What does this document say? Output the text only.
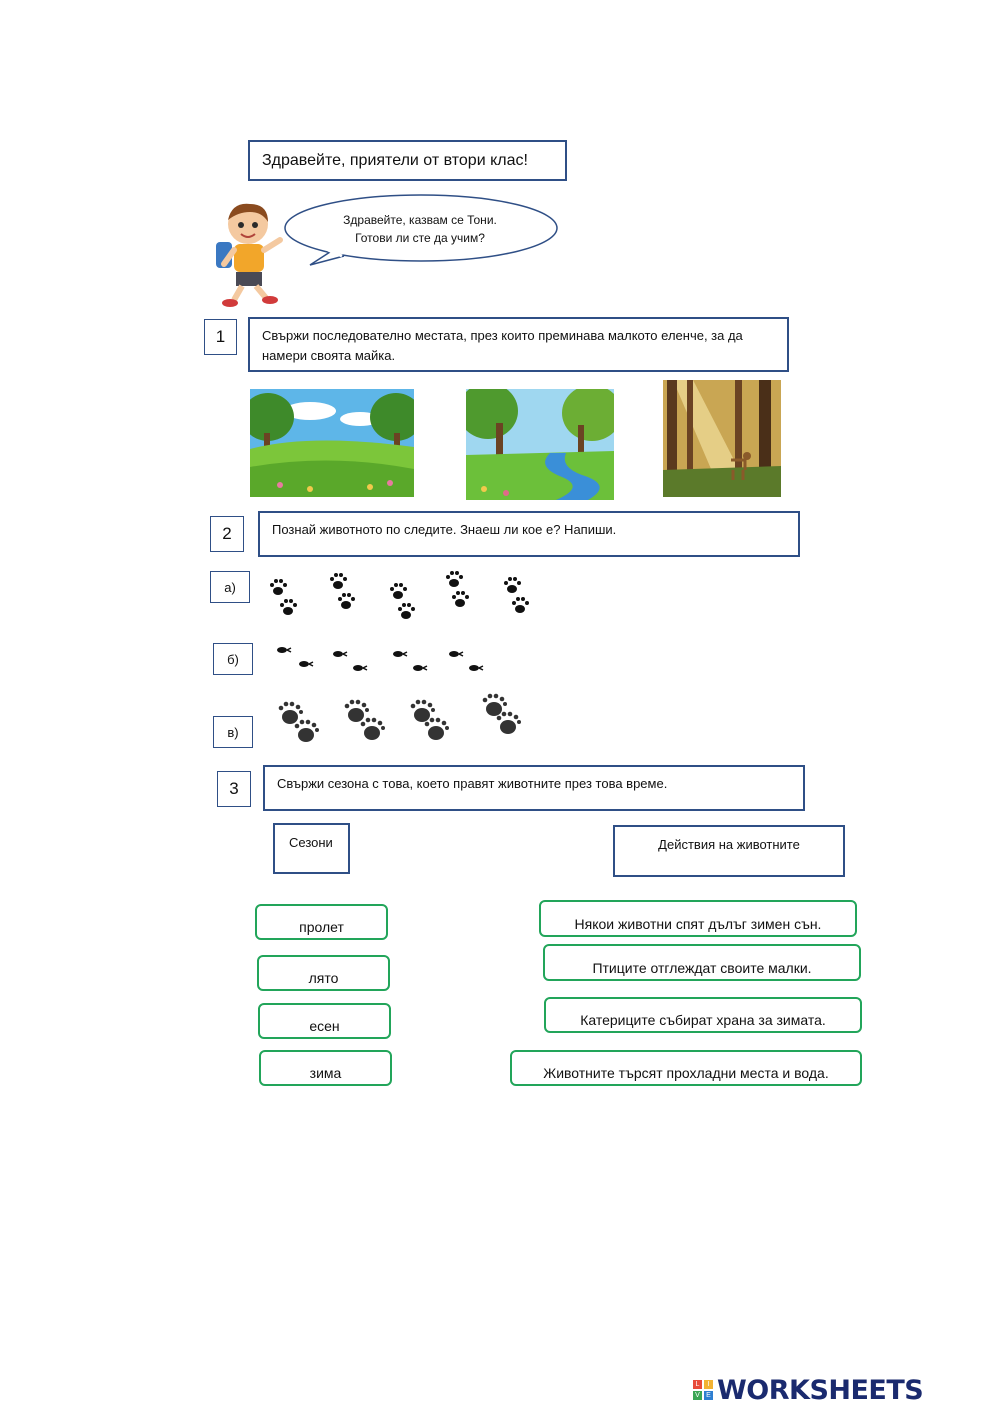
Здравейте, приятели от втори клас!
Здравейте, казвам се Тони.
Готови ли сте да учим?
1	Свържи последователно местата, през които преминава малкото еленче, за да намери своята майка.
2	Познай животното по следите. Знаеш ли кое е? Напиши.
а)
б)
в)
3	Свържи сезона с това, което правят животните през това време.
Сезони	Действия на животните
пролет
лято
есен
зима
Някои животни спят дълъг зимен сън.
Птиците отглеждат своите малки.
Катериците събират храна за зимата.
Животните търсят прохладни места и вода.
L	I
V E WORKSHEETS
